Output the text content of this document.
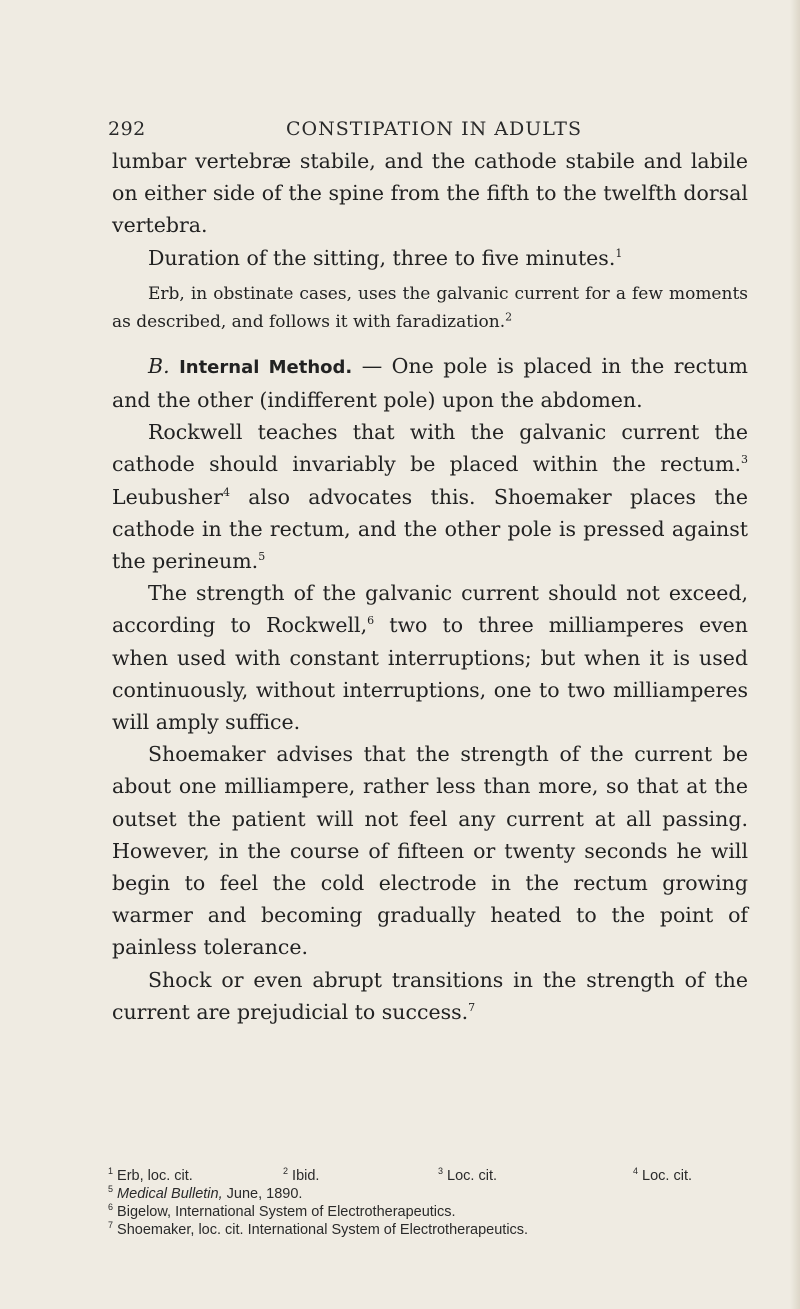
292	CONSTIPATION IN ADULTS

lumbar vertebræ stabile, and the cathode stabile and labile on either side of the spine from the fifth to the twelfth dorsal vertebra.

Duration of the sitting, three to five minutes.$^1$

Erb, in obstinate cases, uses the galvanic current for a few moments as described, and follows it with faradization.$^2$

B. Internal Method. — One pole is placed in the rectum and the other (indifferent pole) upon the abdomen.

Rockwell teaches that with the galvanic current the cathode should invariably be placed within the rectum.$^3$ Leubusher$^4$ also advocates this. Shoemaker places the cathode in the rectum, and the other pole is pressed against the perineum.$^5$

The strength of the galvanic current should not exceed, according to Rockwell,$^6$ two to three milliamperes even when used with constant interruptions; but when it is used continuously, without interruptions, one to two milliamperes will amply suffice.

Shoemaker advises that the strength of the current be about one milliampere, rather less than more, so that at the outset the patient will not feel any current at all passing. However, in the course of fifteen or twenty seconds he will begin to feel the cold electrode in the rectum growing warmer and becoming gradually heated to the point of painless tolerance.

Shock or even abrupt transitions in the strength of the current are prejudicial to success.$^7$

$^1$ Erb, loc. cit.	$^2$ Ibid.	$^3$ Loc. cit.	$^4$ Loc. cit.
$^5$ Medical Bulletin, June, 1890.
$^6$ Bigelow, International System of Electrotherapeutics.
$^7$ Shoemaker, loc. cit. International System of Electrotherapeutics.
